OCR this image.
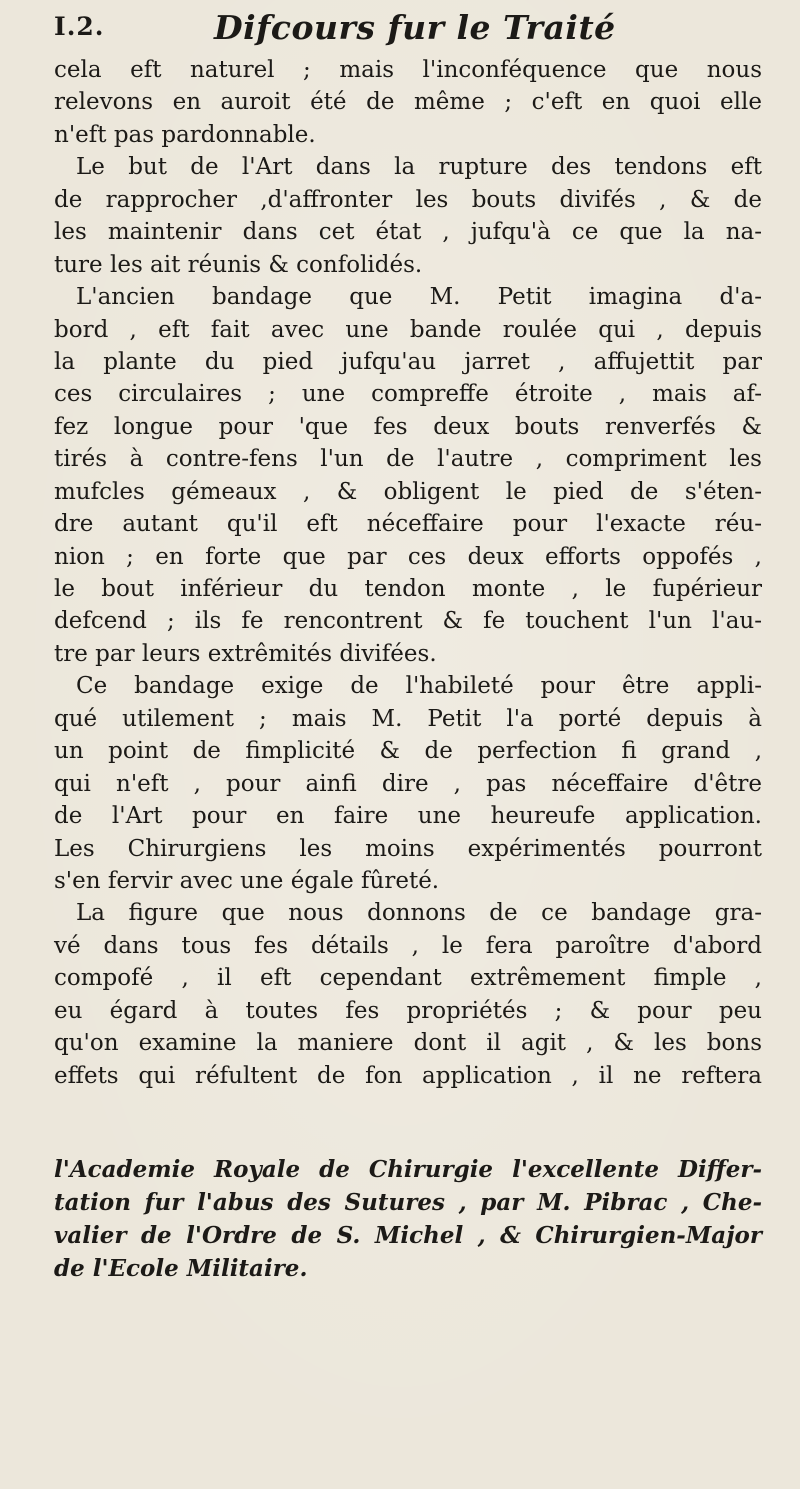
I.2.	Difcours fur le Traité
cela eft naturel ; mais l'inconféquence que nous
relevons en auroit été de même ; c'eft en quoi elle
n'eft pas pardonnable.
Le but de l'Art dans la rupture des tendons eft
de rapprocher ,d'affronter les bouts divifés , & de
les maintenir dans cet état , jufqu'à ce que la na-
ture les ait réunis & confolidés.
L'ancien bandage que M. Petit imagina d'a-
bord , eft fait avec une bande roulée qui , depuis
la plante du pied jufqu'au jarret , affujettit par
ces circulaires ; une compreffe étroite , mais af-
fez longue pour 'que fes deux bouts renverfés &
tirés à contre-fens l'un de l'autre , compriment les
mufcles gémeaux , & obligent le pied de s'éten-
dre autant qu'il eft néceffaire pour l'exacte réu-
nion ; en forte que par ces deux efforts oppofés ,
le bout inférieur du tendon monte , le fupérieur
defcend ; ils fe rencontrent & fe touchent l'un l'au-
tre par leurs extrêmités divifées.
Ce bandage exige de l'habileté pour être appli-
qué utilement ; mais M. Petit l'a porté depuis à
un point de fimplicité & de perfection fi grand ,
qui n'eft , pour ainfi dire , pas néceffaire d'être
de l'Art pour en faire une heureufe application.
Les Chirurgiens les moins expérimentés pourront
s'en fervir avec une égale fûreté.
La figure que nous donnons de ce bandage gra-
vé dans tous fes détails , le fera paroître d'abord
compofé , il eft cependant extrêmement fimple ,
eu égard à toutes fes propriétés ; & pour peu
qu'on examine la maniere dont il agit , & les bons
effets qui réfultent de fon application , il ne reftera
l'Academie Royale de Chirurgie l'excellente Differ-
tation fur l'abus des Sutures , par M. Pibrac , Che-
valier de l'Ordre de S. Michel , & Chirurgien-Major
de l'Ecole Militaire.
